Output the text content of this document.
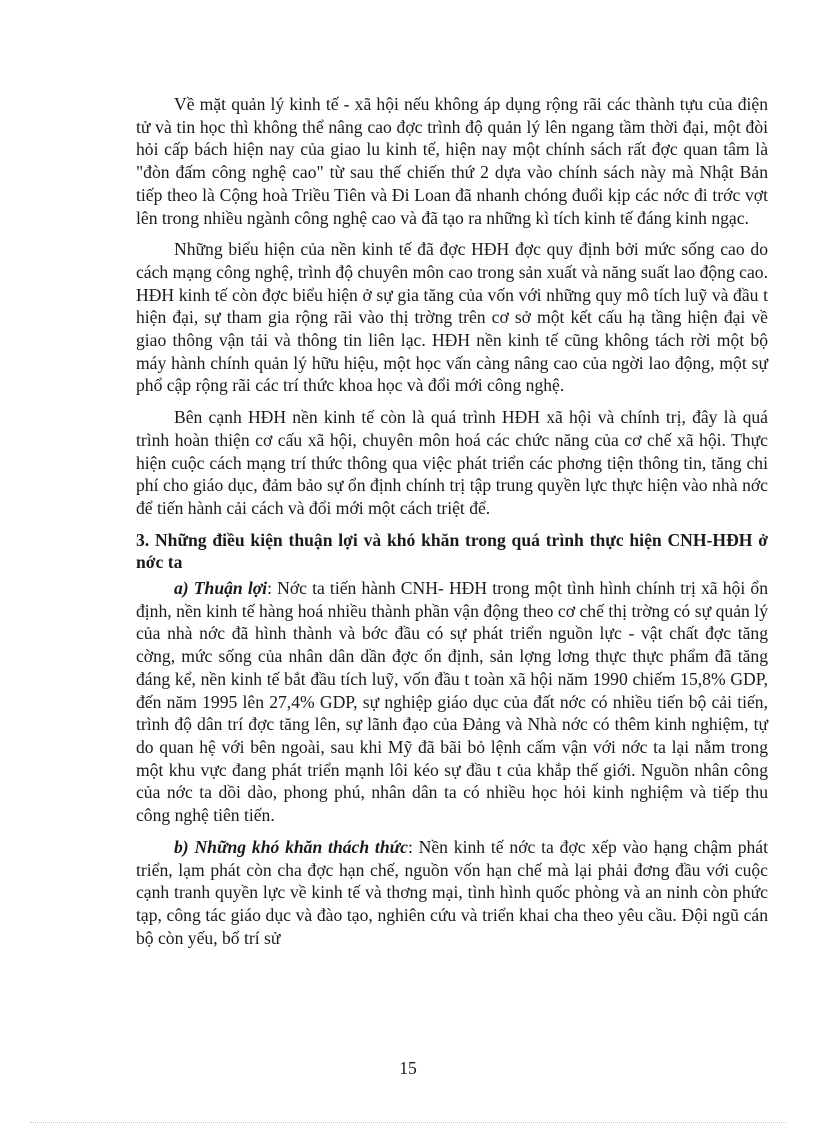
Về mặt quản lý kinh tế - xã hội nếu không áp dụng rộng rãi các thành tựu của điện tử và tin học thì không thể nâng cao đợc trình độ quản lý lên ngang tầm thời đại, một đòi hỏi cấp bách hiện nay của giao lu kinh tế, hiện nay một chính sách rất đợc quan tâm là "đòn đấm công nghệ cao" từ sau thế chiến thứ 2 dựa vào chính sách này mà Nhật Bản tiếp theo là Cộng hoà Triều Tiên và Đi Loan đã nhanh chóng đuổi kịp các nớc đi trớc vợt lên trong nhiều ngành công nghệ cao và đã tạo ra những kì tích kinh tế đáng kinh ngạc.

Những biểu hiện của nền kinh tế đã đợc HĐH đợc quy định bởi mức sống cao do cách mạng công nghệ, trình độ chuyên môn cao trong sản xuất và năng suất lao động cao. HĐH kinh tế còn đợc biểu hiện ở sự gia tăng của vốn với những quy mô tích luỹ và đầu t hiện đại, sự tham gia rộng rãi vào thị trờng trên cơ sở một kết cấu hạ tầng hiện đại về giao thông vận tải và thông tin liên lạc. HĐH nền kinh tế cũng không tách rời một bộ máy hành chính quản lý hữu hiệu, một học vấn càng nâng cao của ngời lao động, một sự phổ cập rộng rãi các trí thức khoa học và đổi mới công nghệ.

Bên cạnh HĐH nền kinh tế còn là quá trình HĐH xã hội và chính trị, đây là quá trình hoàn thiện cơ cấu xã hội, chuyên môn hoá các chức năng của cơ chế xã hội. Thực hiện cuộc cách mạng trí thức thông qua việc phát triển các phơng tiện thông tin, tăng chi phí cho giáo dục, đảm bảo sự ổn định chính trị tập trung quyền lực thực hiện vào nhà nớc để tiến hành cải cách và đổi mới một cách triệt để.

3. Những điều kiện thuận lợi và khó khăn trong quá trình thực hiện CNH-HĐH ở nớc ta

a) Thuận lợi: Nớc ta tiến hành CNH- HĐH trong một tình hình chính trị xã hội ổn định, nền kinh tế hàng hoá nhiều thành phần vận động theo cơ chế thị trờng có sự quản lý của nhà nớc đã hình thành và bớc đầu có sự phát triển nguồn lực - vật chất đợc tăng cờng, mức sống của nhân dân dần đợc ổn định, sản lợng lơng thực thực phẩm đã tăng đáng kể, nền kinh tế bắt đầu tích luỹ, vốn đầu t toàn xã hội năm 1990 chiếm 15,8% GDP, đến năm 1995 lên 27,4% GDP, sự nghiệp giáo dục của đất nớc có nhiều tiến bộ cải tiến, trình độ dân trí đợc tăng lên, sự lãnh đạo của Đảng và Nhà nớc có thêm kinh nghiệm, tự do quan hệ với bên ngoài, sau khi Mỹ đã bãi bỏ lệnh cấm vận với nớc ta lại nằm trong một khu vực đang phát triển mạnh lôi kéo sự đầu t của khắp thế giới. Nguồn nhân công của nớc ta dồi dào, phong phú, nhân dân ta có nhiều học hỏi kinh nghiệm và tiếp thu công nghệ tiên tiến.

b) Những khó khăn thách thức: Nền kinh tế nớc ta đợc xếp vào hạng chậm phát triển, lạm phát còn cha đợc hạn chế, nguồn vốn hạn chế mà lại phải đơng đầu với cuộc cạnh tranh quyền lực về kinh tế và thơng mại, tình hình quốc phòng và an ninh còn phức tạp, công tác giáo dục và đào tạo, nghiên cứu và triển khai cha theo yêu cầu. Đội ngũ cán bộ còn yếu, bố trí sử

15
